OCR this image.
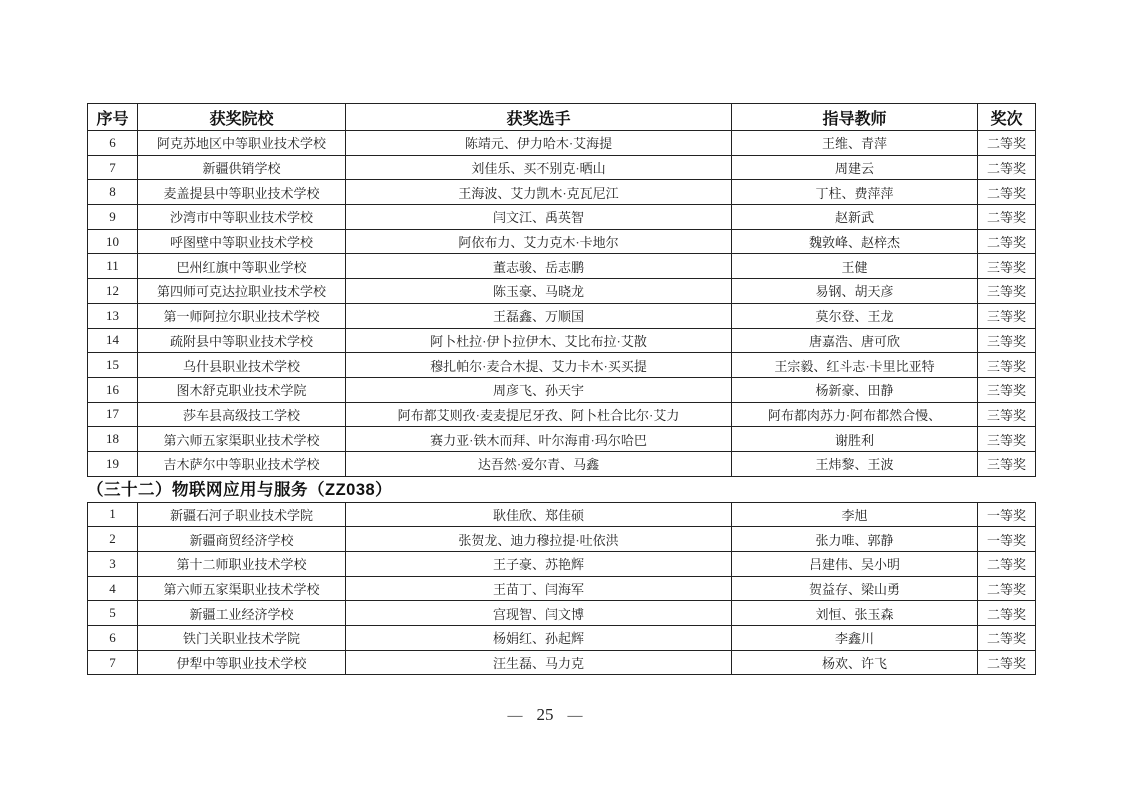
序号	获奖院校	获奖选手	指导教师	奖次
6	阿克苏地区中等职业技术学校	陈靖元、伊力哈木·艾海提	王维、青萍	二等奖
7	新疆供销学校	刘佳乐、买不别克·晒山	周建云	二等奖
8	麦盖提县中等职业技术学校	王海波、艾力凯木·克瓦尼江	丁柱、费萍萍	二等奖
9	沙湾市中等职业技术学校	闫文江、禹英智	赵新武	二等奖
10	呼图壁中等职业技术学校	阿依布力、艾力克木·卡地尔	魏敦峰、赵梓杰	二等奖
11	巴州红旗中等职业学校	董志骏、岳志鹏	王健	三等奖
12	第四师可克达拉职业技术学校	陈玉豪、马晓龙	易钢、胡天彦	三等奖
13	第一师阿拉尔职业技术学校	王磊鑫、万顺国	莫尔登、王龙	三等奖
14	疏附县中等职业技术学校	阿卜杜拉·伊卜拉伊木、艾比布拉·艾散	唐嘉浩、唐可欣	三等奖
15	乌什县职业技术学校	穆扎帕尔·麦合木提、艾力卡木·买买提	王宗毅、红斗志·卡里比亚特	三等奖
16	图木舒克职业技术学院	周彦飞、孙天宇	杨新豪、田静	三等奖
17	莎车县高级技工学校	阿布都艾则孜·麦麦提尼牙孜、阿卜杜合比尔·艾力	阿布都肉苏力·阿布都然合慢、	三等奖
18	第六师五家渠职业技术学校	赛力亚·铁木而拜、叶尔海甫·玛尔哈巴	谢胜利	三等奖
19	吉木萨尔中等职业技术学校	达吾然·爱尔青、马鑫	王炜黎、王波	三等奖
（三十二）物联网应用与服务（ZZ038）
1	新疆石河子职业技术学院	耿佳欣、郑佳硕	李旭	一等奖
2	新疆商贸经济学校	张贺龙、迪力穆拉提·吐依洪	张力唯、郭静	一等奖
3	第十二师职业技术学校	王子豪、苏艳辉	吕建伟、吴小明	二等奖
4	第六师五家渠职业技术学校	王苗丁、闫海军	贺益存、梁山勇	二等奖
5	新疆工业经济学校	宫现智、闫文博	刘恒、张玉森	二等奖
6	铁门关职业技术学院	杨娟红、孙起辉	李鑫川	二等奖
7	伊犁中等职业技术学校	汪生磊、马力克	杨欢、许飞	二等奖
— 25 —
